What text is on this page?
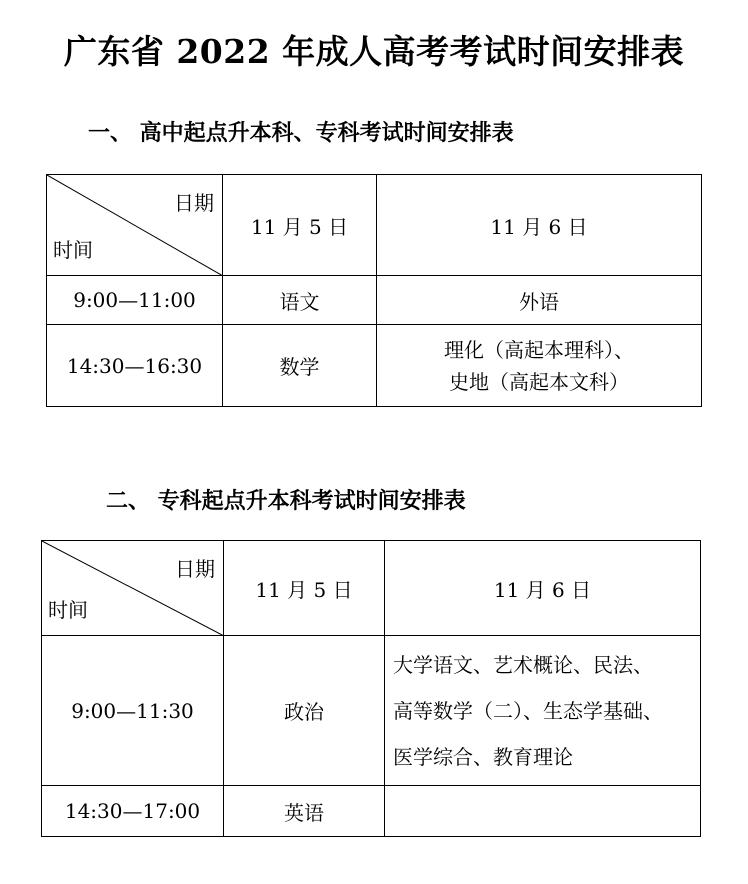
广东省 2022 年成人高考考试时间安排表
一、 高中起点升本科、专科考试时间安排表
日期
时间	11 月 5 日	11 月 6 日
9:00—11:00	语文	外语

14:30—16:30	数学	理化（高起本理科）、
史地（高起本文科）
二、 专科起点升本科考试时间安排表
日期
时间	11 月 5 日	11 月 6 日
9:00—11:30	政治	大学语文、艺术概论、民法、
高等数学（二）、生态学基础、
医学综合、教育理论

14:30—17:00	英语	
